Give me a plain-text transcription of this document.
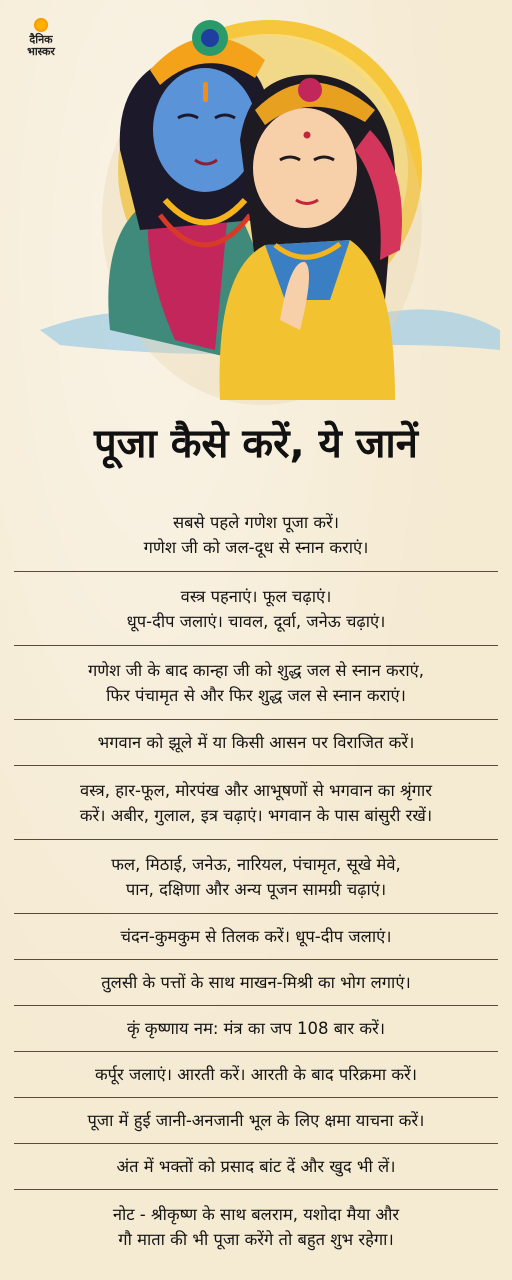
दैनिक
भास्कर
पूजा कैसे करें, ये जानें
सबसे पहले गणेश पूजा करें।
गणेश जी को जल-दूध से स्नान कराएं।
वस्त्र पहनाएं। फूल चढ़ाएं।
धूप-दीप जलाएं। चावल, दूर्वा, जनेऊ चढ़ाएं।
गणेश जी के बाद कान्हा जी को शुद्ध जल से स्नान कराएं,
फिर पंचामृत से और फिर शुद्ध जल से स्नान कराएं।
भगवान को झूले में या किसी आसन पर विराजित करें।
वस्त्र, हार-फूल, मोरपंख और आभूषणों से भगवान का श्रृंगार
करें। अबीर, गुलाल, इत्र चढ़ाएं। भगवान के पास बांसुरी रखें।
फल, मिठाई, जनेऊ, नारियल, पंचामृत, सूखे मेवे,
पान, दक्षिणा और अन्य पूजन सामग्री चढ़ाएं।
चंदन-कुमकुम से तिलक करें। धूप-दीप जलाएं।
तुलसी के पत्तों के साथ माखन-मिश्री का भोग लगाएं।
कृं कृष्णाय नम: मंत्र का जप 108 बार करें।
कर्पूर जलाएं। आरती करें। आरती के बाद परिक्रमा करें।
पूजा में हुई जानी-अनजानी भूल के लिए क्षमा याचना करें।
अंत में भक्तों को प्रसाद बांट दें और खुद भी लें।
नोट - श्रीकृष्ण के साथ बलराम, यशोदा मैया और
गौ माता की भी पूजा करेंगे तो बहुत शुभ रहेगा।
